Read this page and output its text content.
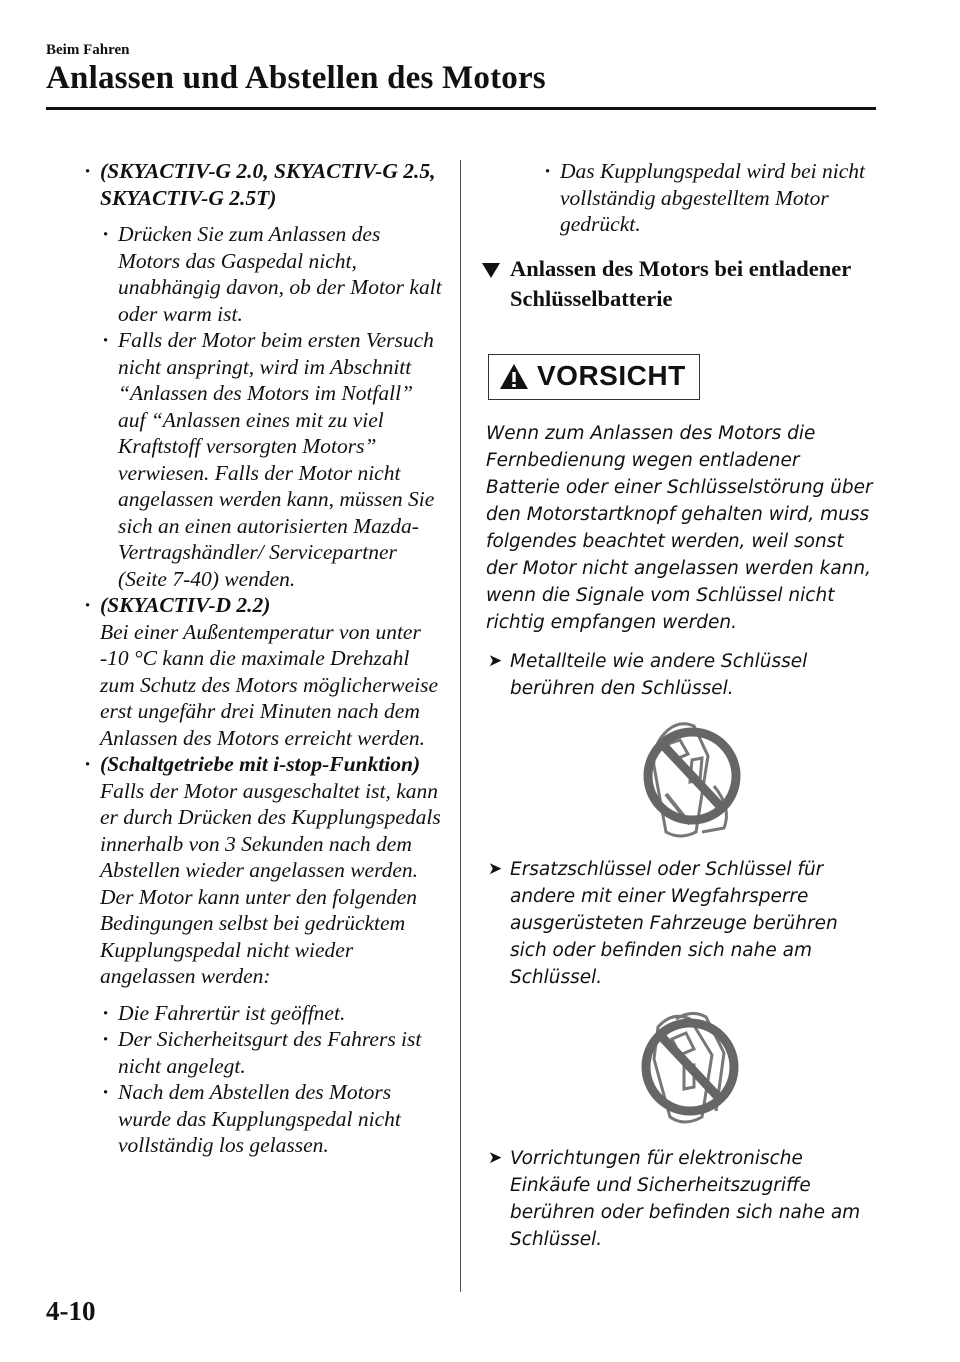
Beim Fahren
Anlassen und Abstellen des Motors
· (SKYACTIV-G 2.0, SKYACTIV-G 2.5, SKYACTIV-G 2.5T)
· Drücken Sie zum Anlassen des Motors das Gaspedal nicht, unabhängig davon, ob der Motor kalt oder warm ist.
· Falls der Motor beim ersten Versuch nicht anspringt, wird im Abschnitt “Anlassen des Motors im Notfall” auf “Anlassen eines mit zu viel Kraftstoff versorgten Motors” verwiesen. Falls der Motor nicht angelassen werden kann, müssen Sie sich an einen autorisierten Mazda-Vertragshändler/ Servicepartner (Seite 7-40) wenden.
· (SKYACTIV-D 2.2)
Bei einer Außentemperatur von unter -10 °C kann die maximale Drehzahl zum Schutz des Motors möglicherweise erst ungefähr drei Minuten nach dem Anlassen des Motors erreicht werden.
· (Schaltgetriebe mit i-stop-Funktion)
Falls der Motor ausgeschaltet ist, kann er durch Drücken des Kupplungspedals innerhalb von 3 Sekunden nach dem Abstellen wieder angelassen werden.
Der Motor kann unter den folgenden Bedingungen selbst bei gedrücktem Kupplungspedal nicht wieder angelassen werden:
· Die Fahrertür ist geöffnet.
· Der Sicherheitsgurt des Fahrers ist nicht angelegt.
· Nach dem Abstellen des Motors wurde das Kupplungspedal nicht vollständig los gelassen.
· Das Kupplungspedal wird bei nicht vollständig abgestelltem Motor gedrückt.
Anlassen des Motors bei entladener Schlüsselbatterie
VORSICHT
Wenn zum Anlassen des Motors die Fernbedienung wegen entladener Batterie oder einer Schlüsselstörung über den Motorstartknopf gehalten wird, muss folgendes beachtet werden, weil sonst der Motor nicht angelassen werden kann, wenn die Signale vom Schlüssel nicht richtig empfangen werden.
➤ Metallteile wie andere Schlüssel berühren den Schlüssel.
➤ Ersatzschlüssel oder Schlüssel für andere mit einer Wegfahrsperre ausgerüsteten Fahrzeuge berühren sich oder befinden sich nahe am Schlüssel.
➤ Vorrichtungen für elektronische Einkäufe und Sicherheitszugriffe berühren oder befinden sich nahe am Schlüssel.
4-10
